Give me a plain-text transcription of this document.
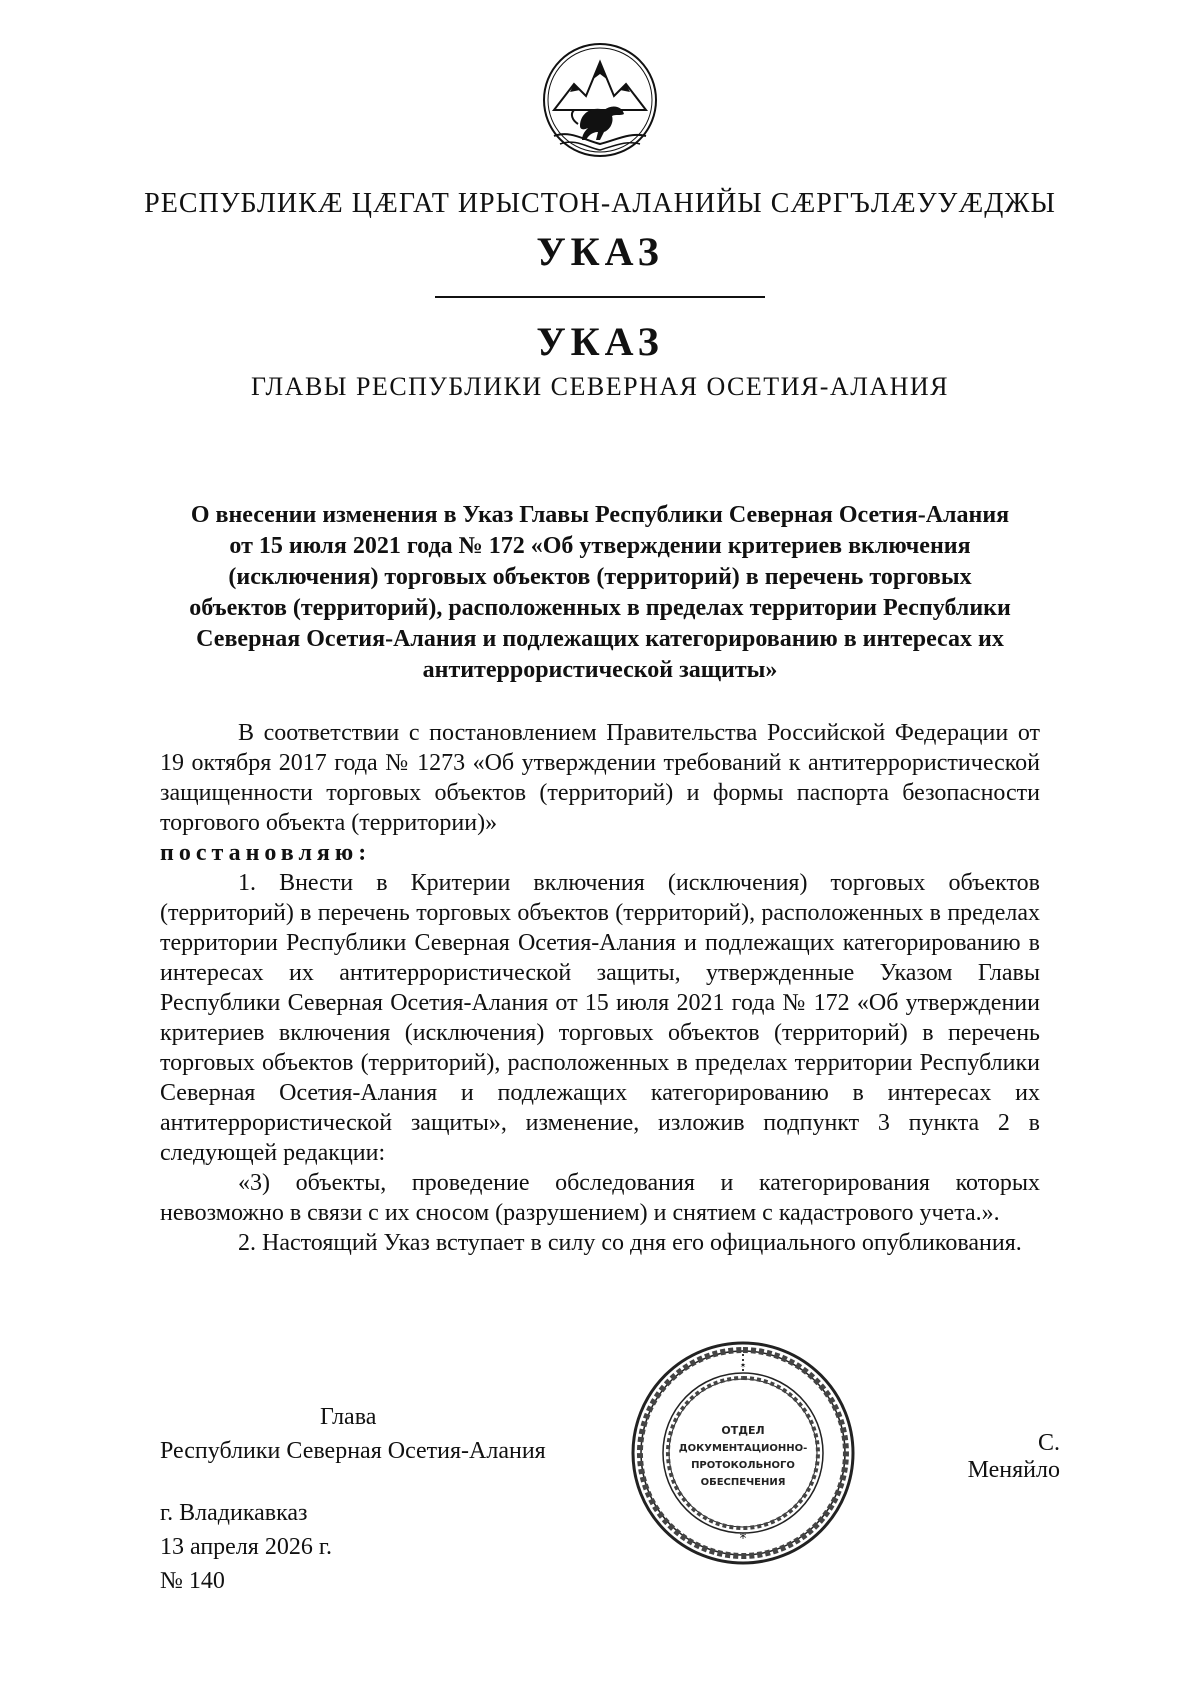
РЕСПУБЛИКӔ ЦӔГАТ ИРЫСТОН-АЛАНИЙЫ СӔРГЪЛӔУУӔДЖЫ
УКАЗ
УКАЗ
ГЛАВЫ РЕСПУБЛИКИ СЕВЕРНАЯ ОСЕТИЯ-АЛАНИЯ
О внесении изменения в Указ Главы Республики Северная Осетия-Алания
от 15 июля 2021 года № 172 «Об утверждении критериев включения
(исключения) торговых объектов (территорий) в перечень торговых
объектов (территорий), расположенных в пределах территории Республики
Северная Осетия-Алания и подлежащих категорированию в интересах их
антитеррористической защиты»

В соответствии с постановлением Правительства Российской Федерации от 19 октября 2017 года № 1273 «Об утверждении требований к антитеррористической защищенности торговых объектов (территорий) и формы паспорта безопасности торгового объекта (территории)»

постановляю:

1. Внести в Критерии включения (исключения) торговых объектов (территорий) в перечень торговых объектов (территорий), расположенных в пределах территории Республики Северная Осетия-Алания и подлежащих категорированию в интересах их антитеррористической защиты, утвержденные Указом Главы Республики Северная Осетия-Алания от 15 июля 2021 года № 172 «Об утверждении критериев включения (исключения) торговых объектов (территорий) в перечень торговых объектов (территорий), расположенных в пределах территории Республики Северная Осетия-Алания и подлежащих категорированию в интересах их антитеррористической защиты», изменение, изложив подпункт 3 пункта 2 в следующей редакции:

«3) объекты, проведение обследования и категорирования которых невозможно в связи с их сносом (разрушением) и снятием с кадастрового учета.».

2. Настоящий Указ вступает в силу со дня его официального опубликования.

Глава
Республики Северная Осетия-Алания
*
*
ОТДЕЛ
ДОКУМЕНТАЦИОННО-
ПРОТОКОЛЬНОГО
ОБЕСПЕЧЕНИЯ
С. Меняйло
г. Владикавказ
13 апреля 2026 г.
№ 140
